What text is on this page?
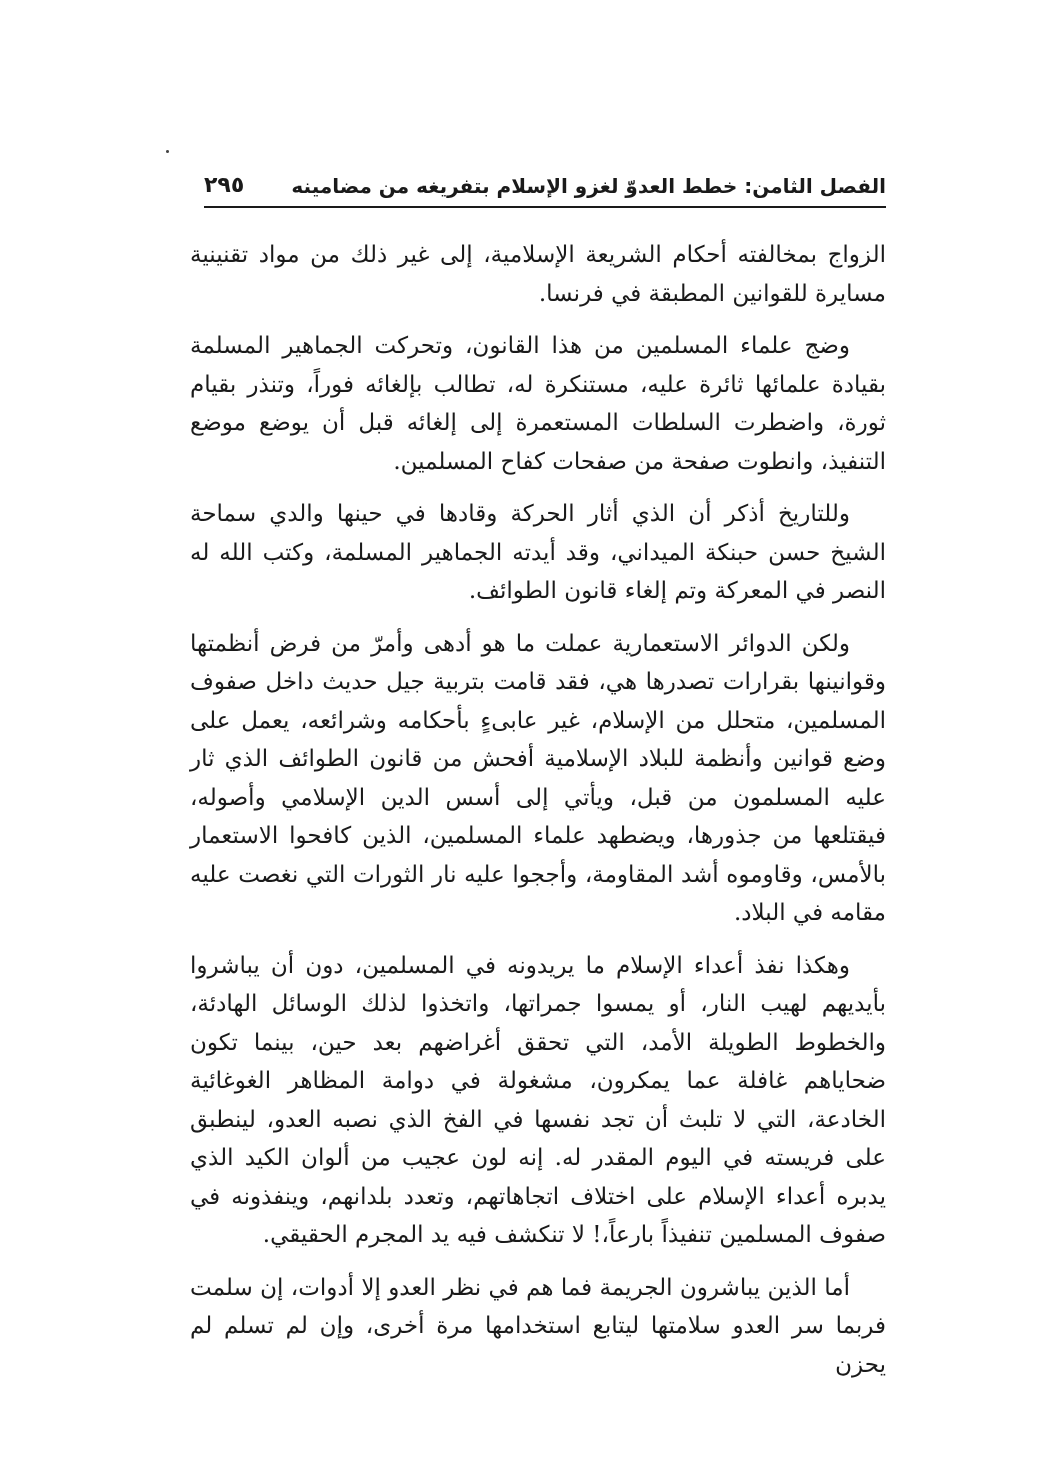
الفصل الثامن: خطط العدوّ لغزو الإسلام بتفريغه من مضامينه
٢٩٥

الزواج بمخالفته أحكام الشريعة الإسلامية، إلى غير ذلك من مواد تقنينية مسايرة للقوانين المطبقة في فرنسا.

وضج علماء المسلمين من هذا القانون، وتحركت الجماهير المسلمة بقيادة علمائها ثائرة عليه، مستنكرة له، تطالب بإلغائه فوراً، وتنذر بقيام ثورة، واضطرت السلطات المستعمرة إلى إلغائه قبل أن يوضع موضع التنفيذ، وانطوت صفحة من صفحات كفاح المسلمين.

وللتاريخ أذكر أن الذي أثار الحركة وقادها في حينها والدي سماحة الشيخ حسن حبنكة الميداني، وقد أيدته الجماهير المسلمة، وكتب الله له النصر في المعركة وتم إلغاء قانون الطوائف.

ولكن الدوائر الاستعمارية عملت ما هو أدهى وأمرّ من فرض أنظمتها وقوانينها بقرارات تصدرها هي، فقد قامت بتربية جيل حديث داخل صفوف المسلمين، متحلل من الإسلام، غير عابىءٍ بأحكامه وشرائعه، يعمل على وضع قوانين وأنظمة للبلاد الإسلامية أفحش من قانون الطوائف الذي ثار عليه المسلمون من قبل، ويأتي إلى أسس الدين الإسلامي وأصوله، فيقتلعها من جذورها، ويضطهد علماء المسلمين، الذين كافحوا الاستعمار بالأمس، وقاوموه أشد المقاومة، وأججوا عليه نار الثورات التي نغصت عليه مقامه في البلاد.

وهكذا نفذ أعداء الإسلام ما يريدونه في المسلمين، دون أن يباشروا بأيديهم لهيب النار، أو يمسوا جمراتها، واتخذوا لذلك الوسائل الهادئة، والخطوط الطويلة الأمد، التي تحقق أغراضهم بعد حين، بينما تكون ضحاياهم غافلة عما يمكرون، مشغولة في دوامة المظاهر الغوغائية الخادعة، التي لا تلبث أن تجد نفسها في الفخ الذي نصبه العدو، لينطبق على فريسته في اليوم المقدر له. إنه لون عجيب من ألوان الكيد الذي يدبره أعداء الإسلام على اختلاف اتجاهاتهم، وتعدد بلدانهم، وينفذونه في صفوف المسلمين تنفيذاً بارعاً،! لا تنكشف فيه يد المجرم الحقيقي.

أما الذين يباشرون الجريمة فما هم في نظر العدو إلا أدوات، إن سلمت فربما سر العدو سلامتها ليتابع استخدامها مرة أخرى، وإن لم تسلم لم يحزن
